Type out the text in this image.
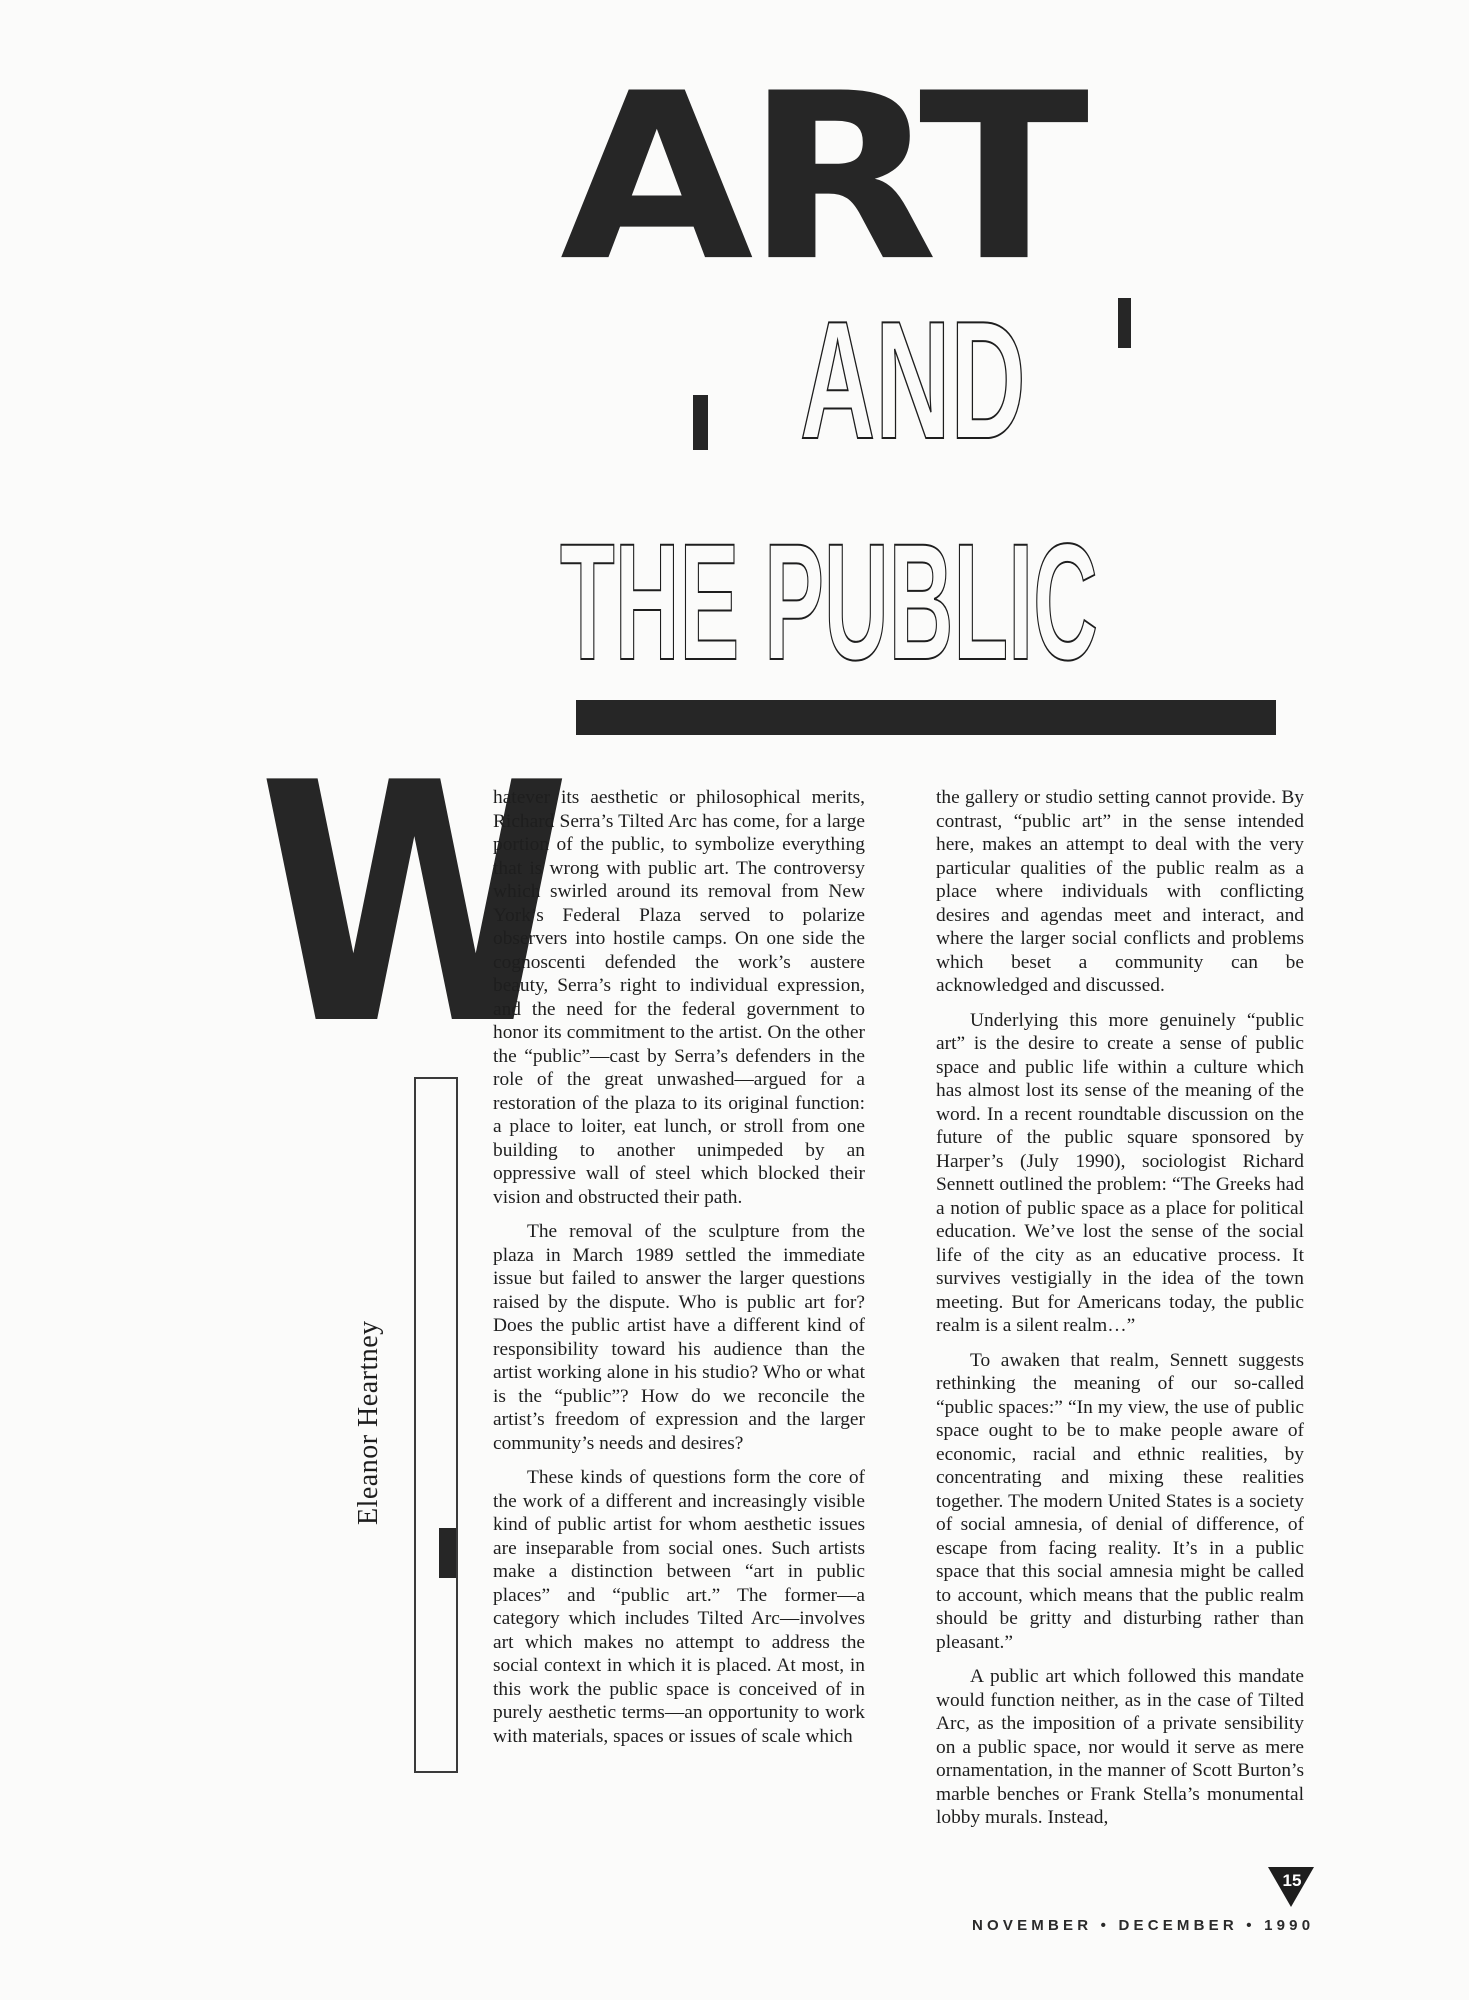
ART
AND
THE PUBLIC
W
Eleanor Heartney

hatever its aesthetic or philosophical merits, Richard Serra’s Tilted Arc has come, for a large portion of the public, to symbolize everything that is wrong with public art. The controversy which swirled around its removal from New York’s Federal Plaza served to polarize observers into hostile camps. On one side the cognoscenti defended the work’s austere beauty, Serra’s right to individual expression, and the need for the federal government to honor its commitment to the artist. On the other the “public”—cast by Serra’s defenders in the role of the great unwashed—argued for a restoration of the plaza to its original function: a place to loiter, eat lunch, or stroll from one building to another unimpeded by an oppressive wall of steel which blocked their vision and obstructed their path.

The removal of the sculpture from the plaza in March 1989 settled the immediate issue but failed to answer the larger questions raised by the dispute. Who is public art for? Does the public artist have a different kind of responsibility toward his audience than the artist working alone in his studio? Who or what is the “public”? How do we reconcile the artist’s freedom of expression and the larger community’s needs and desires?

These kinds of questions form the core of the work of a different and increasingly visible kind of public artist for whom aesthetic issues are inseparable from social ones. Such artists make a distinction between “art in public places” and “public art.” The former—a category which includes Tilted Arc—involves art which makes no attempt to address the social context in which it is placed. At most, in this work the public space is conceived of in purely aesthetic terms—an opportunity to work with materials, spaces or issues of scale which

the gallery or studio setting cannot provide. By contrast, “public art” in the sense intended here, makes an attempt to deal with the very particular qualities of the public realm as a place where individuals with conflicting desires and agendas meet and interact, and where the larger social conflicts and problems which beset a community can be acknowledged and discussed.

Underlying this more genuinely “public art” is the desire to create a sense of public space and public life within a culture which has almost lost its sense of the meaning of the word. In a recent roundtable discussion on the future of the public square sponsored by Harper’s (July 1990), sociologist Richard Sennett outlined the problem: “The Greeks had a notion of public space as a place for political education. We’ve lost the sense of the social life of the city as an educative process. It survives vestigially in the idea of the town meeting. But for Americans today, the public realm is a silent realm…”

To awaken that realm, Sennett suggests rethinking the meaning of our so-called “public spaces:” “In my view, the use of public space ought to be to make people aware of economic, racial and ethnic realities, by concentrating and mixing these realities together. The modern United States is a society of social amnesia, of denial of difference, of escape from facing reality. It’s in a public space that this social amnesia might be called to account, which means that the public realm should be gritty and disturbing rather than pleasant.”

A public art which followed this mandate would function neither, as in the case of Tilted Arc, as the imposition of a private sensibility on a public space, nor would it serve as mere ornamentation, in the manner of Scott Burton’s marble benches or Frank Stella’s monumental lobby murals. Instead,

15
NOVEMBER • DECEMBER • 1990
